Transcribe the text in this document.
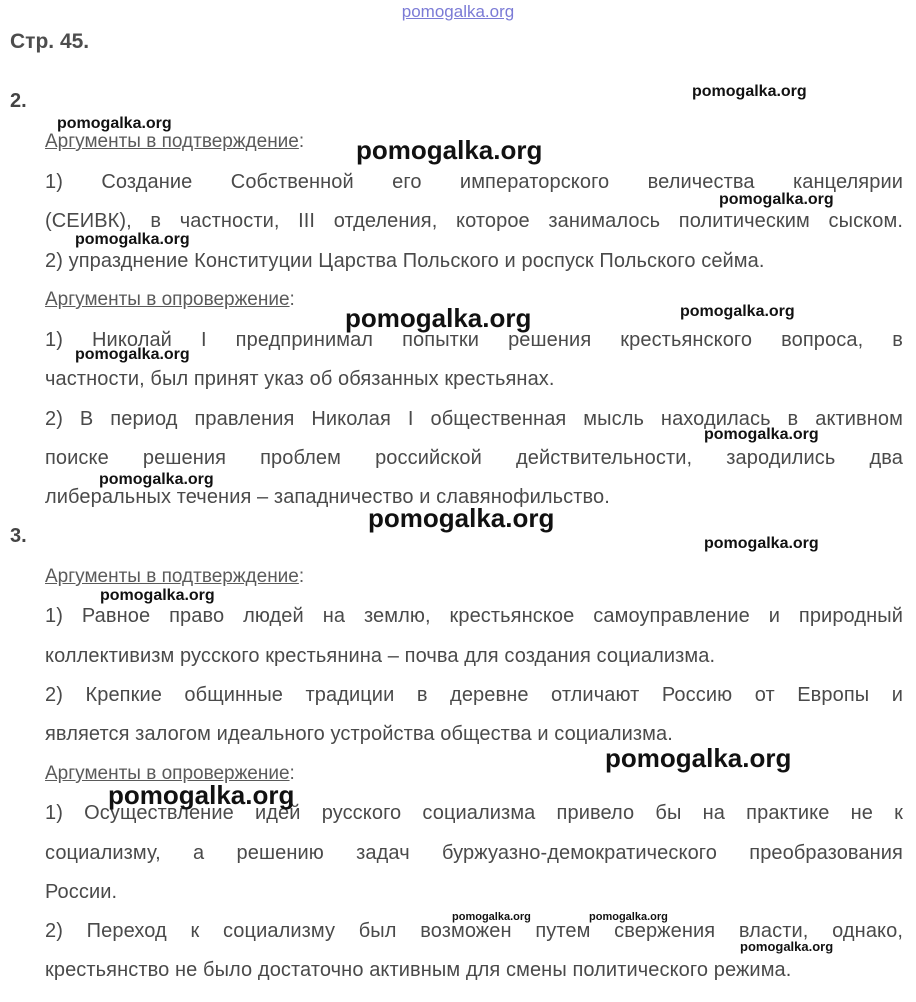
pomogalka.org
Стр. 45.
2.
Аргументы в подтверждение:
1) Создание Собственной его императорского величества канцелярии
(СЕИВК), в частности, III отделения, которое занималось политическим сыском.
2) упразднение Конституции Царства Польского и роспуск Польского сейма.
Аргументы в опровержение:
1) Николай I предпринимал попытки решения крестьянского вопроса, в
частности, был принят указ об обязанных крестьянах.
2) В период правления Николая I общественная мысль находилась в активном
поиске решения проблем российской действительности, зародились два
либеральных течения – западничество и славянофильство.
3.
Аргументы в подтверждение:
1) Равное право людей на землю, крестьянское самоуправление и природный
коллективизм русского крестьянина – почва для создания социализма.
2) Крепкие общинные традиции в деревне отличают Россию от Европы и
является залогом идеального устройства общества и социализма.
Аргументы в опровержение:
1) Осуществление идей русского социализма привело бы на практике не к
социализму, а решению задач буржуазно-демократического преобразования
России.
2) Переход к социализму был возможен путем свержения власти, однако,
крестьянство не было достаточно активным для смены политического режима.
pomogalka.org
pomogalka.org
pomogalka.org
pomogalka.org
pomogalka.org
pomogalka.org
pomogalka.org
pomogalka.org
pomogalka.org
pomogalka.org
pomogalka.org
pomogalka.org
pomogalka.org
pomogalka.org
pomogalka.org
pomogalka.org	pomogalka.org
pomogalka.org
